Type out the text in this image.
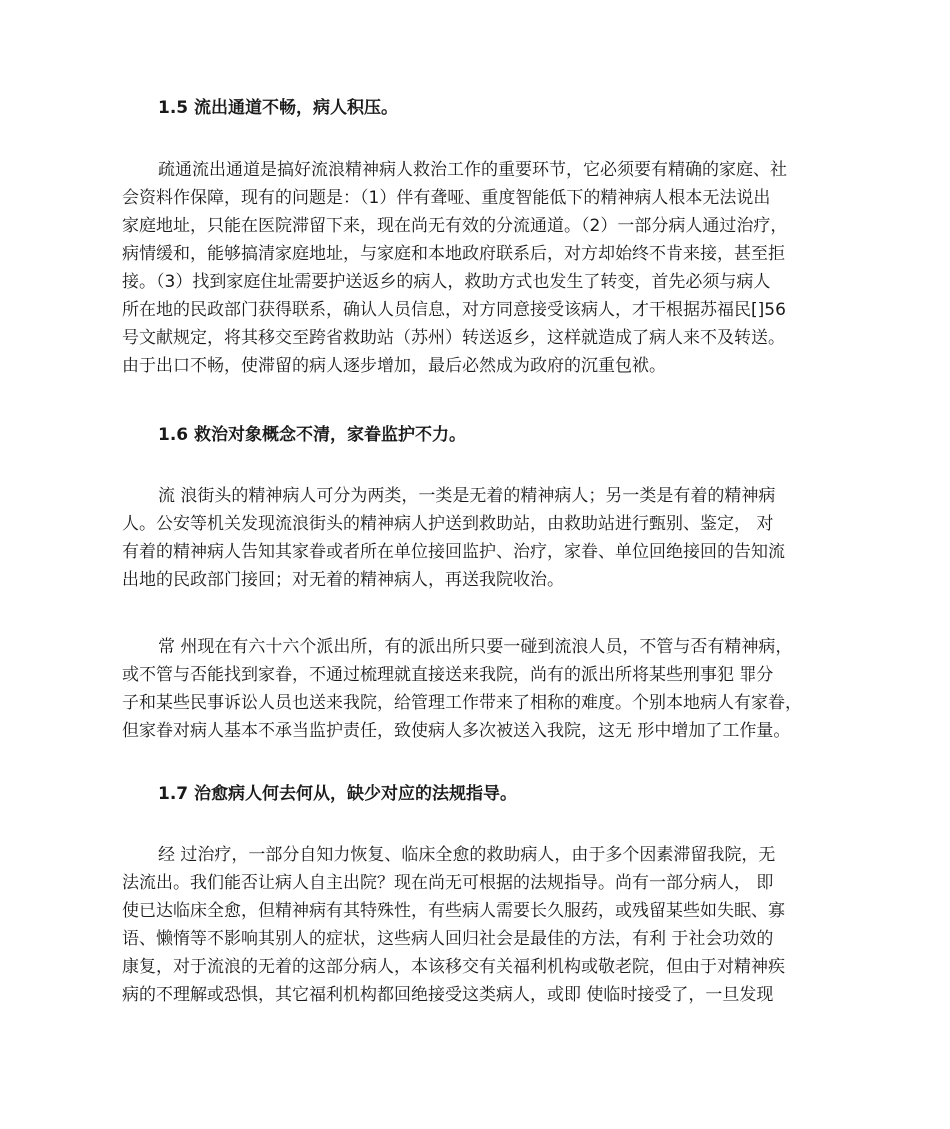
1.5 流出通道不畅，病人积压。
疏通流出通道是搞好流浪精神病人救治工作的重要环节，它必须要有精确的家庭、社
会资料作保障，现有的问题是：（1）伴有聋哑、重度智能低下的精神病人根本无法说出
家庭地址，只能在医院滞留下来，现在尚无有效的分流通道。（2）一部分病人通过治疗，
病情缓和，能够搞清家庭地址，与家庭和本地政府联系后，对方却始终不肯来接，甚至拒
接。（3）找到家庭住址需要护送返乡的病人，救助方式也发生了转变，首先必须与病人
所在地的民政部门获得联系，确认人员信息，对方同意接受该病人，才干根据苏福民[]56
号文献规定，将其移交至跨省救助站（苏州）转送返乡，这样就造成了病人来不及转送。
由于出口不畅，使滞留的病人逐步增加，最后必然成为政府的沉重包袱。
1.6 救治对象概念不清，家眷监护不力。
流 浪街头的精神病人可分为两类，一类是无着的精神病人；另一类是有着的精神病
人。公安等机关发现流浪街头的精神病人护送到救助站，由救助站进行甄别、鉴定， 对
有着的精神病人告知其家眷或者所在单位接回监护、治疗，家眷、单位回绝接回的告知流
出地的民政部门接回；对无着的精神病人，再送我院收治。
常 州现在有六十六个派出所，有的派出所只要一碰到流浪人员，不管与否有精神病，
或不管与否能找到家眷，不通过梳理就直接送来我院，尚有的派出所将某些刑事犯 罪分
子和某些民事诉讼人员也送来我院，给管理工作带来了相称的难度。个别本地病人有家眷，
但家眷对病人基本不承当监护责任，致使病人多次被送入我院，这无 形中增加了工作量。
1.7 治愈病人何去何从，缺少对应的法规指导。
经 过治疗，一部分自知力恢复、临床全愈的救助病人，由于多个因素滞留我院，无
法流出。我们能否让病人自主出院？现在尚无可根据的法规指导。尚有一部分病人， 即
使已达临床全愈，但精神病有其特殊性，有些病人需要长久服药，或残留某些如失眠、寡
语、懒惰等不影响其别人的症状，这些病人回归社会是最佳的方法，有利 于社会功效的
康复，对于流浪的无着的这部分病人，本该移交有关福利机构或敬老院，但由于对精神疾
病的不理解或恐惧，其它福利机构都回绝接受这类病人，或即 使临时接受了，一旦发现
